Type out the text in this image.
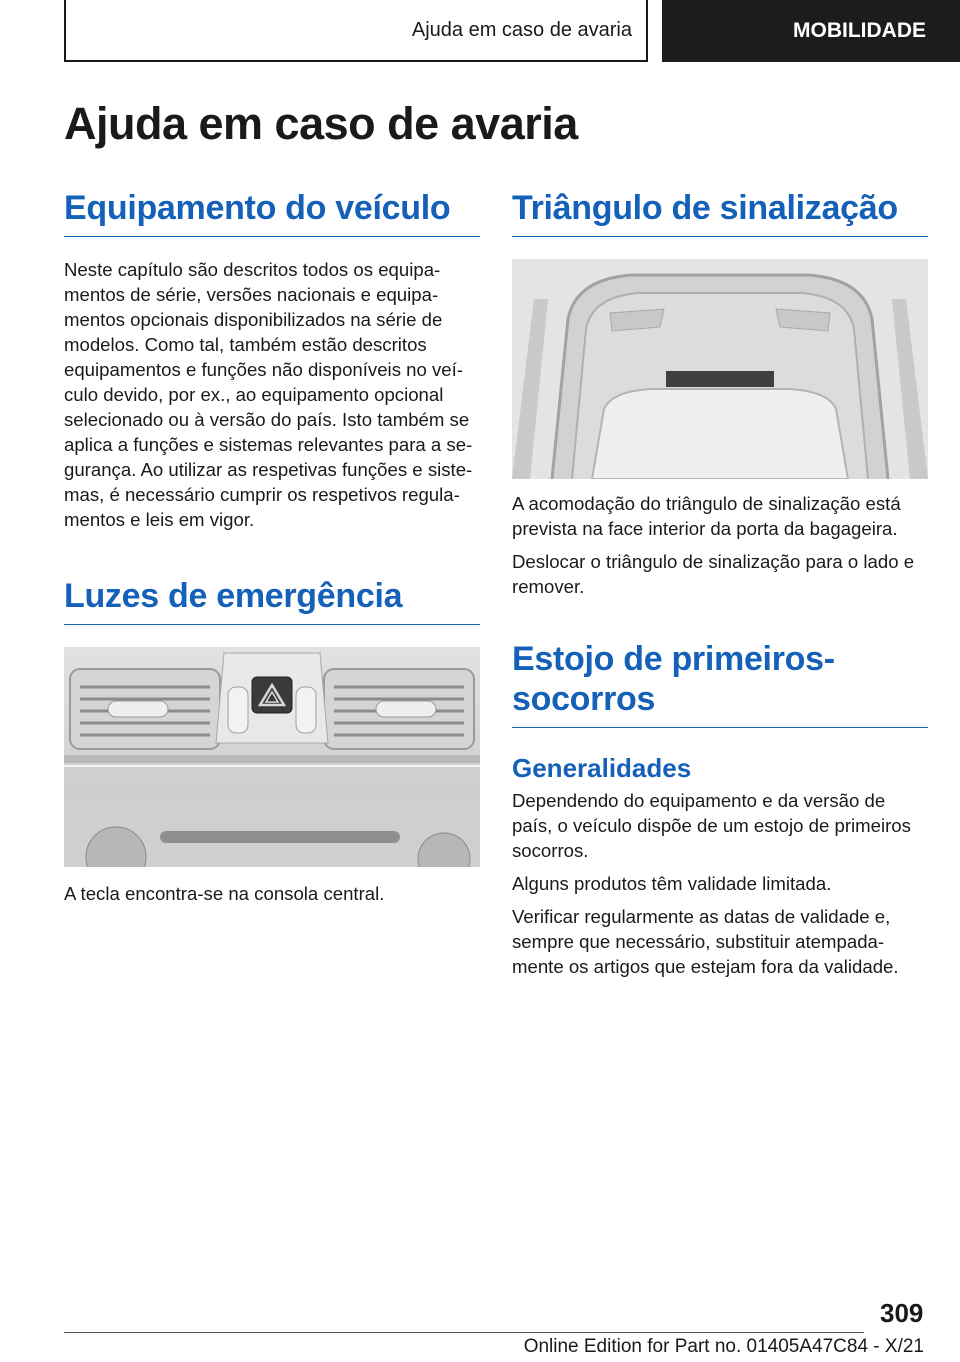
Ajuda em caso de avaria	MOBILIDADE
Ajuda em caso de avaria
Equipamento do veículo

Neste capítulo são descritos todos os equipa-
mentos de série, versões nacionais e equipa-
mentos opcionais disponibilizados na série de
modelos. Como tal, também estão descritos
equipamentos e funções não disponíveis no veí-
culo devido, por ex., ao equipamento opcional
selecionado ou à versão do país. Isto também se
aplica a funções e sistemas relevantes para a se-
gurança. Ao utilizar as respetivas funções e siste-
mas, é necessário cumprir os respetivos regula-
mentos e leis em vigor.

Luzes de emergência

A tecla encontra-se na consola central.

Triângulo de sinalização

A acomodação do triângulo de sinalização está
prevista na face interior da porta da bagageira.

Deslocar o triângulo de sinalização para o lado e
remover.

Estojo de primeiros-
socorros
Generalidades

Dependendo do equipamento e da versão de
país, o veículo dispõe de um estojo de primeiros
socorros.

Alguns produtos têm validade limitada.

Verificar regularmente as datas de validade e,
sempre que necessário, substituir atempada-
mente os artigos que estejam fora da validade.

309
Online Edition for Part no. 01405A47C84 - X/21
